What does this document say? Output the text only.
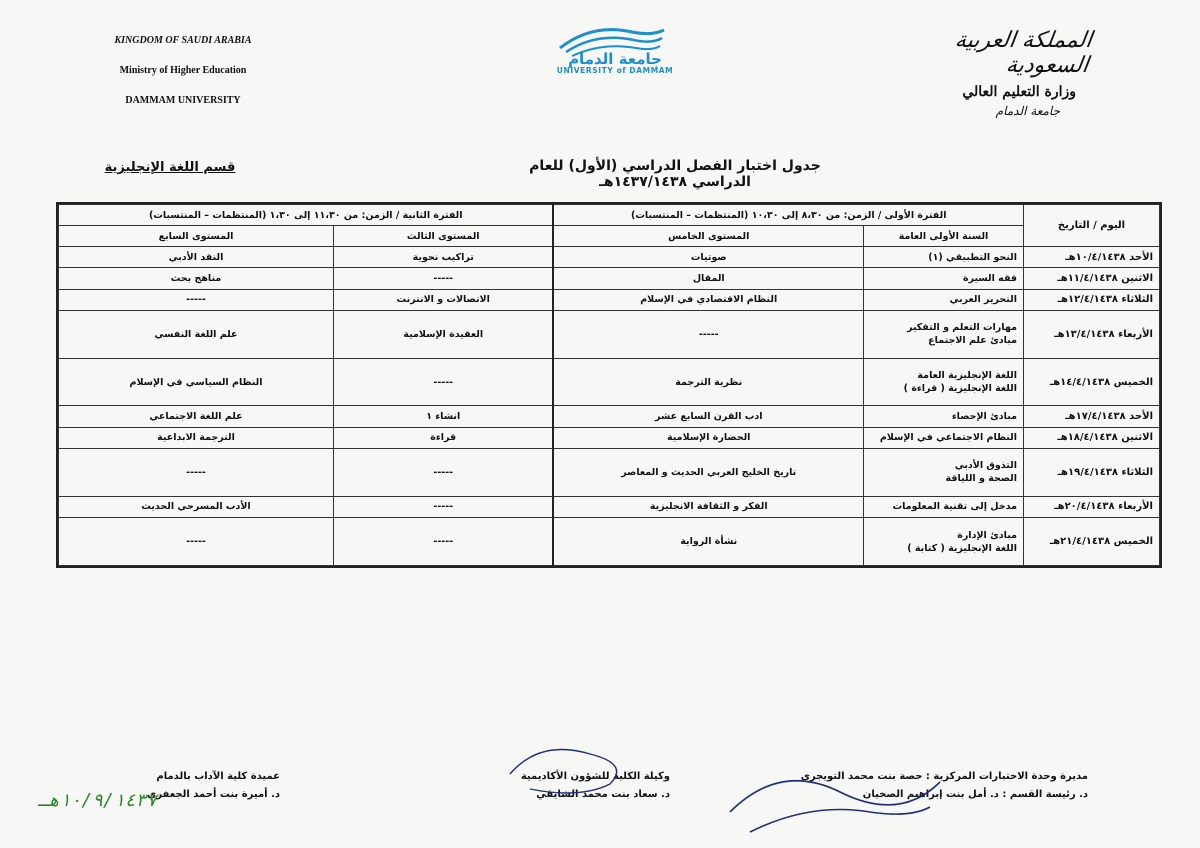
KINGDOM OF SAUDI ARABIA
Ministry of Higher Education
DAMMAM UNIVERSITY
جامعة الدمام
UNIVERSITY of DAMMAM
المملكة العربية السعودية
وزارة التعليم العالي
جامعة الدمام
جدول اختبار الفصل الدراسي (الأول) للعام الدراسي ١٤٣٧/١٤٣٨هـ
قسم اللغة الإنجليزية
اليوم / التاريخ	الفترة الأولى / الزمن: من ٨،٣٠ إلى ١٠،٣٠ (المنتظمات – المنتسبات)		الفترة الثانية / الزمن: من ١١،٣٠ إلى ١،٣٠ (المنتظمات – المنتسبات)	
	السنة الأولى العامة	المستوى الخامس	المستوى الثالث	المستوى السابع

الأحد ١٠/٤/١٤٣٨هـ	النحو التطبيقي (١)	صوتيات	تراكيب نحوية	النقد الأدبي

الاثنين ١١/٤/١٤٣٨هـ	فقه السيرة	المقال	-----	مناهج بحث

الثلاثاء ١٢/٤/١٤٣٨هـ	التحرير العربي	النظام الاقتصادي في الإسلام	الاتصالات و الانترنت	-----

الأربعاء ١٣/٤/١٤٣٨هـ	مهارات التعلم و التفكير
مبادئ علم الاجتماع	-----	العقيدة الإسلامية	علم اللغة النفسي

الخميس ١٤/٤/١٤٣٨هـ	اللغة الإنجليزية العامة
اللغة الإنجليزية ( قراءة )	نظرية الترجمة	-----	النظام السياسي في الإسلام

الأحد ١٧/٤/١٤٣٨هـ	مبادئ الإحصاء	ادب القرن السابع عشر	انشاء ١	علم اللغة الاجتماعي

الاثنين ١٨/٤/١٤٣٨هـ	النظام الاجتماعي في الإسلام	الحضارة الإسلامية	قراءة	الترجمة الابداعية

الثلاثاء ١٩/٤/١٤٣٨هـ	التذوق الأدبي
الصحة و اللياقة	تاريخ الخليج العربي الحديث و المعاصر	-----	-----

الأربعاء ٢٠/٤/١٤٣٨هـ	مدخل إلى تقنية المعلومات	الفكر و الثقافة الانجليزية	-----	الأدب المسرحي الحديث

الخميس ٢١/٤/١٤٣٨هـ	مبادئ الإدارة
اللغة الإنجليزية ( كتابة )	نشأة الرواية	-----	-----
مديرة وحدة الاختبارات المركزية : حصة بنت محمد التويجري
د. رئيسة القسم : د. أمل بنت إبراهيم الصخيان
وكيلة الكلية للشؤون الأكاديمية
د. سعاد بنت محمد الشايقي
عميدة كلية الآداب بالدمام
د. أميرة بنت أحمد الجعفري
١٠/٩/١٤٣٧هـ
